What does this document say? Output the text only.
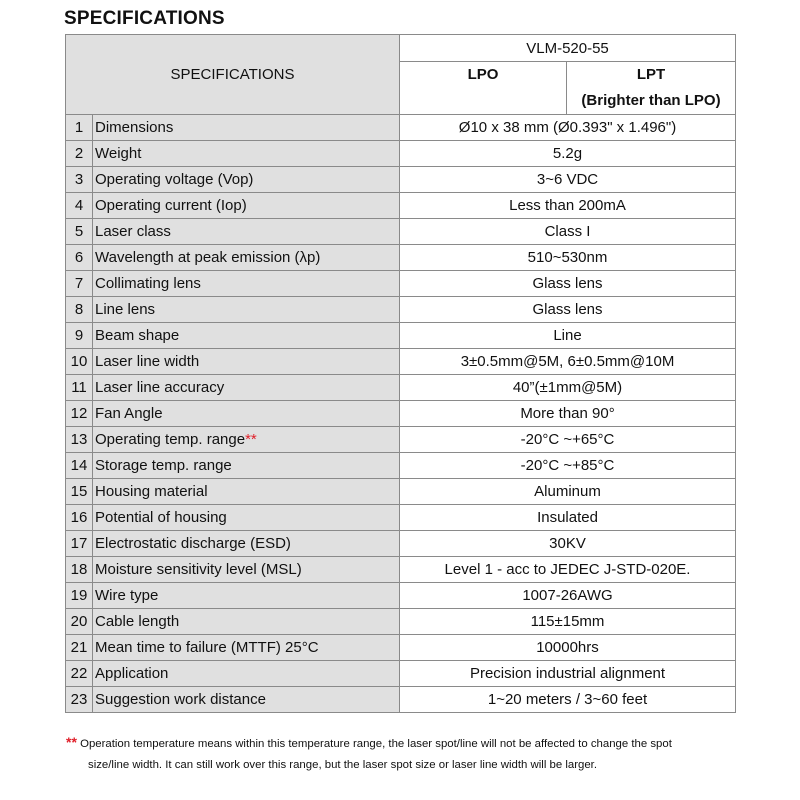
SPECIFICATIONS
SPECIFICATIONS		VLM-520-55	
		LPO	LPT
(Brighter than LPO)
1	Dimensions	Ø10 x 38 mm (Ø0.393" x 1.496")	
2	Weight	5.2g	
3	Operating voltage (Vop)	3~6 VDC	
4	Operating current (Iop)	Less than 200mA	
5	Laser class	Class I	
6	Wavelength at peak emission (λp)	510~530nm	
7	Collimating lens	Glass lens	
8	Line lens	Glass lens	
9	Beam shape	Line	
10	Laser line width	3±0.5mm@5M, 6±0.5mm@10M	
11	Laser line accuracy	40”(±1mm@5M)	
12	Fan Angle	More than 90°	
13	Operating temp. range**	-20°C ~+65°C	
14	Storage temp. range	-20°C ~+85°C	
15	Housing material	Aluminum	
16	Potential of housing	Insulated	
17	Electrostatic discharge (ESD)	30KV	
18	Moisture sensitivity level (MSL)	Level 1 - acc to JEDEC J-STD-020E.	
19	Wire type	1007-26AWG	
20	Cable length	115±15mm	
21	Mean time to failure (MTTF) 25°C	10000hrs	
22	Application	Precision industrial alignment	
23	Suggestion work distance	1~20 meters / 3~60 feet	
** Operation temperature means within this temperature range, the laser spot/line will not be affected to change the spot
size/line width. It can still work over this range, but the laser spot size or laser line width will be larger.
